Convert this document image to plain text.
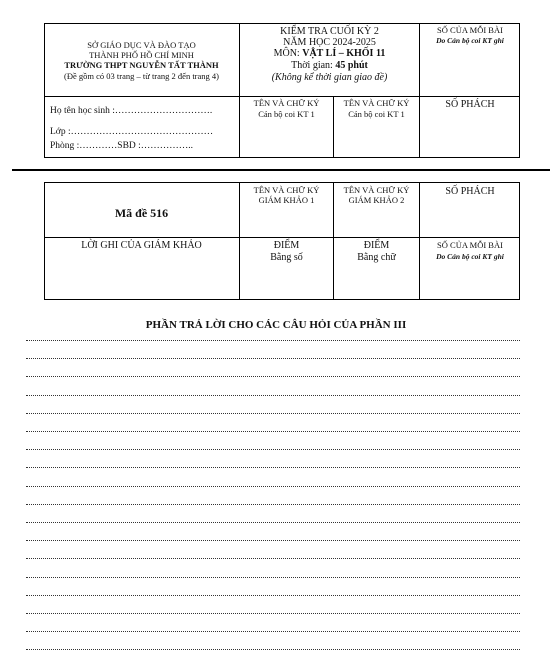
SỞ GIÁO DỤC VÀ ĐÀO TẠO
THÀNH PHỐ HỒ CHÍ MINH
TRƯỜNG THPT NGUYỄN TẤT THÀNH
(Đề gồm có 03 trang – từ trang 2 đến trang 4)
KIỂM TRA CUỐI KỲ 2
NĂM HỌC 2024-2025
MÔN: VẬT LÍ – KHỐI 11
Thời gian: 45 phút
(Không kể thời gian giao đề)
SỐ CỦA MỖI BÀI
Do Cán bộ coi KT ghi
Họ tên học sinh :………………………….
Lớp :………………………………………
Phòng :…………SBD :……………..
TÊN VÀ CHỮ KÝ
Cán bộ coi KT 1
TÊN VÀ CHỮ KÝ
Cán bộ coi KT 1
SỐ PHÁCH
Mã đề 516
TÊN VÀ CHỮ KÝ
GIÁM KHẢO 1
TÊN VÀ CHỮ KÝ
GIÁM KHẢO 2
SỐ PHÁCH
LỜI GHI CỦA GIÁM KHẢO	ĐIỂM
Bằng số
ĐIỂM
Bằng chữ
SỐ CỦA MỖI BÀI
Do Cán bộ coi KT ghi
PHẦN TRẢ LỜI CHO CÁC CÂU HỎI CỦA PHẦN III
